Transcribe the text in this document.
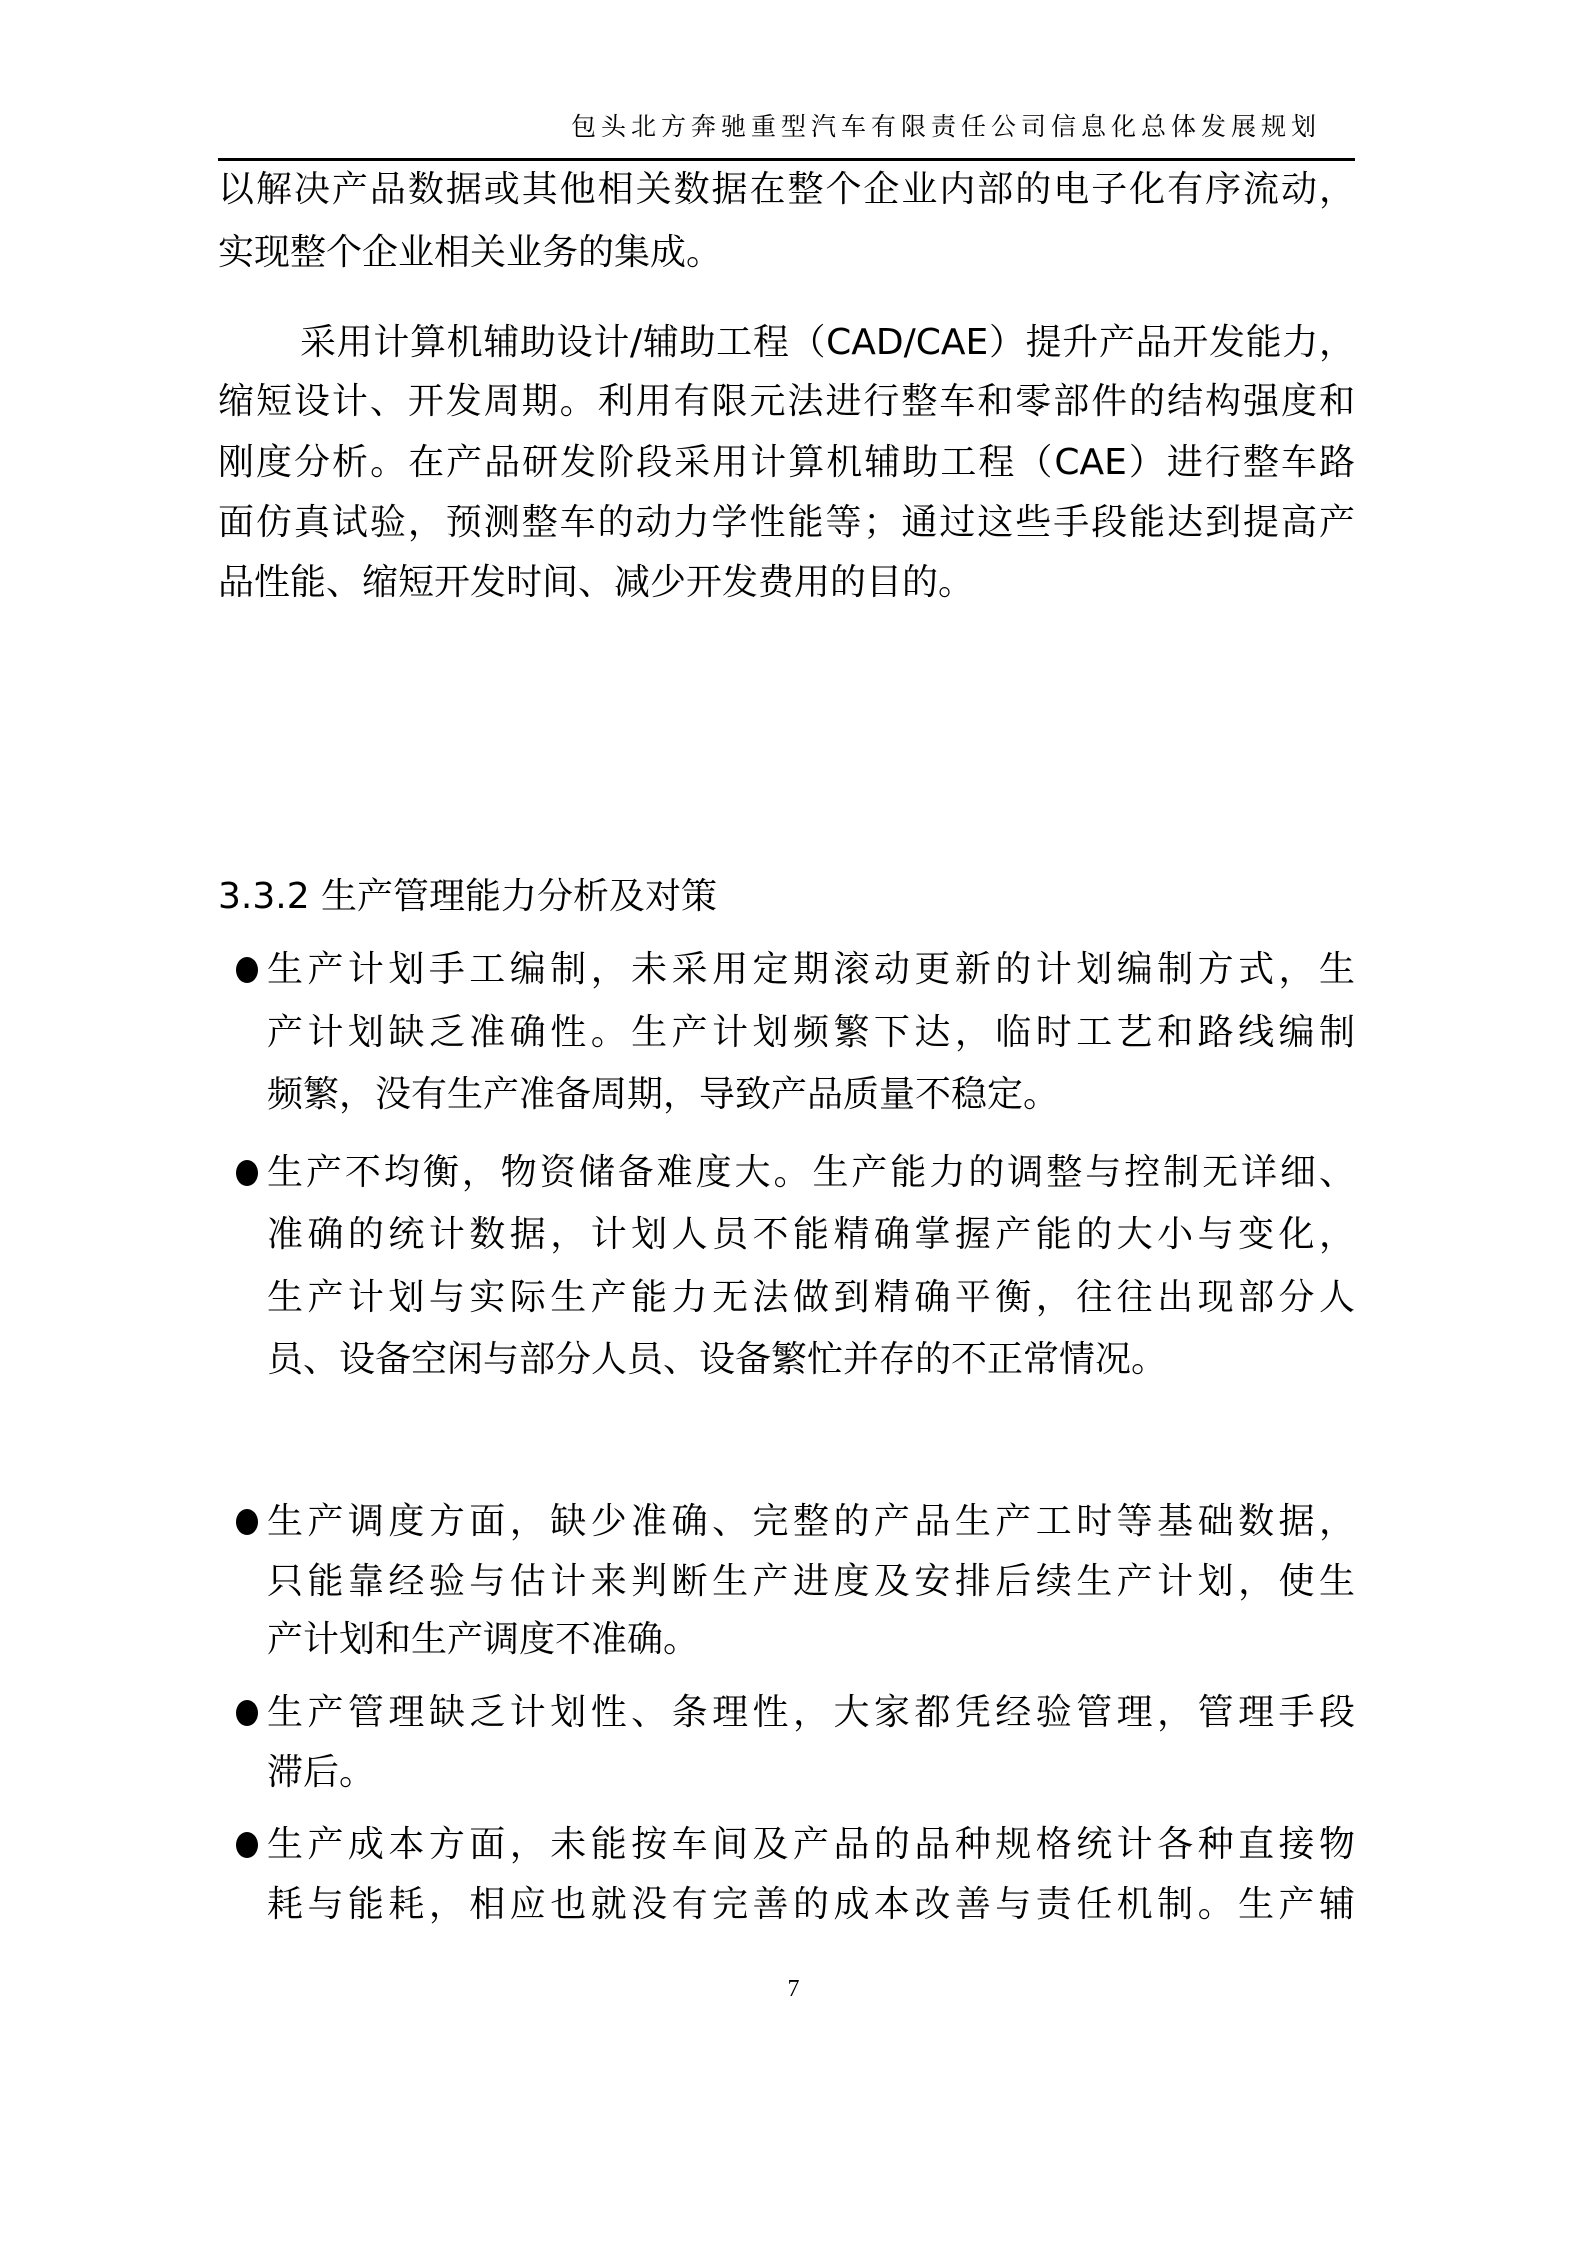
包头北方奔驰重型汽车有限责任公司信息化总体发展规划
以解决产品数据或其他相关数据在整个企业内部的电子化有序流动，
实现整个企业相关业务的集成。
采用计算机辅助设计/辅助工程（CAD/CAE）提升产品开发能力，
缩短设计、开发周期。利用有限元法进行整车和零部件的结构强度和
刚度分析。在产品研发阶段采用计算机辅助工程（CAE）进行整车路
面仿真试验，预测整车的动力学性能等；通过这些手段能达到提高产
品性能、缩短开发时间、减少开发费用的目的。
3.3.2 生产管理能力分析及对策
生产计划手工编制，未采用定期滚动更新的计划编制方式，生
产计划缺乏准确性。生产计划频繁下达，临时工艺和路线编制
频繁，没有生产准备周期，导致产品质量不稳定。
生产不均衡，物资储备难度大。生产能力的调整与控制无详细、
准确的统计数据，计划人员不能精确掌握产能的大小与变化，
生产计划与实际生产能力无法做到精确平衡，往往出现部分人
员、设备空闲与部分人员、设备繁忙并存的不正常情况。
生产调度方面，缺少准确、完整的产品生产工时等基础数据，
只能靠经验与估计来判断生产进度及安排后续生产计划，使生
产计划和生产调度不准确。
生产管理缺乏计划性、条理性，大家都凭经验管理，管理手段
滞后。
生产成本方面，未能按车间及产品的品种规格统计各种直接物
耗与能耗，相应也就没有完善的成本改善与责任机制。生产辅
7
